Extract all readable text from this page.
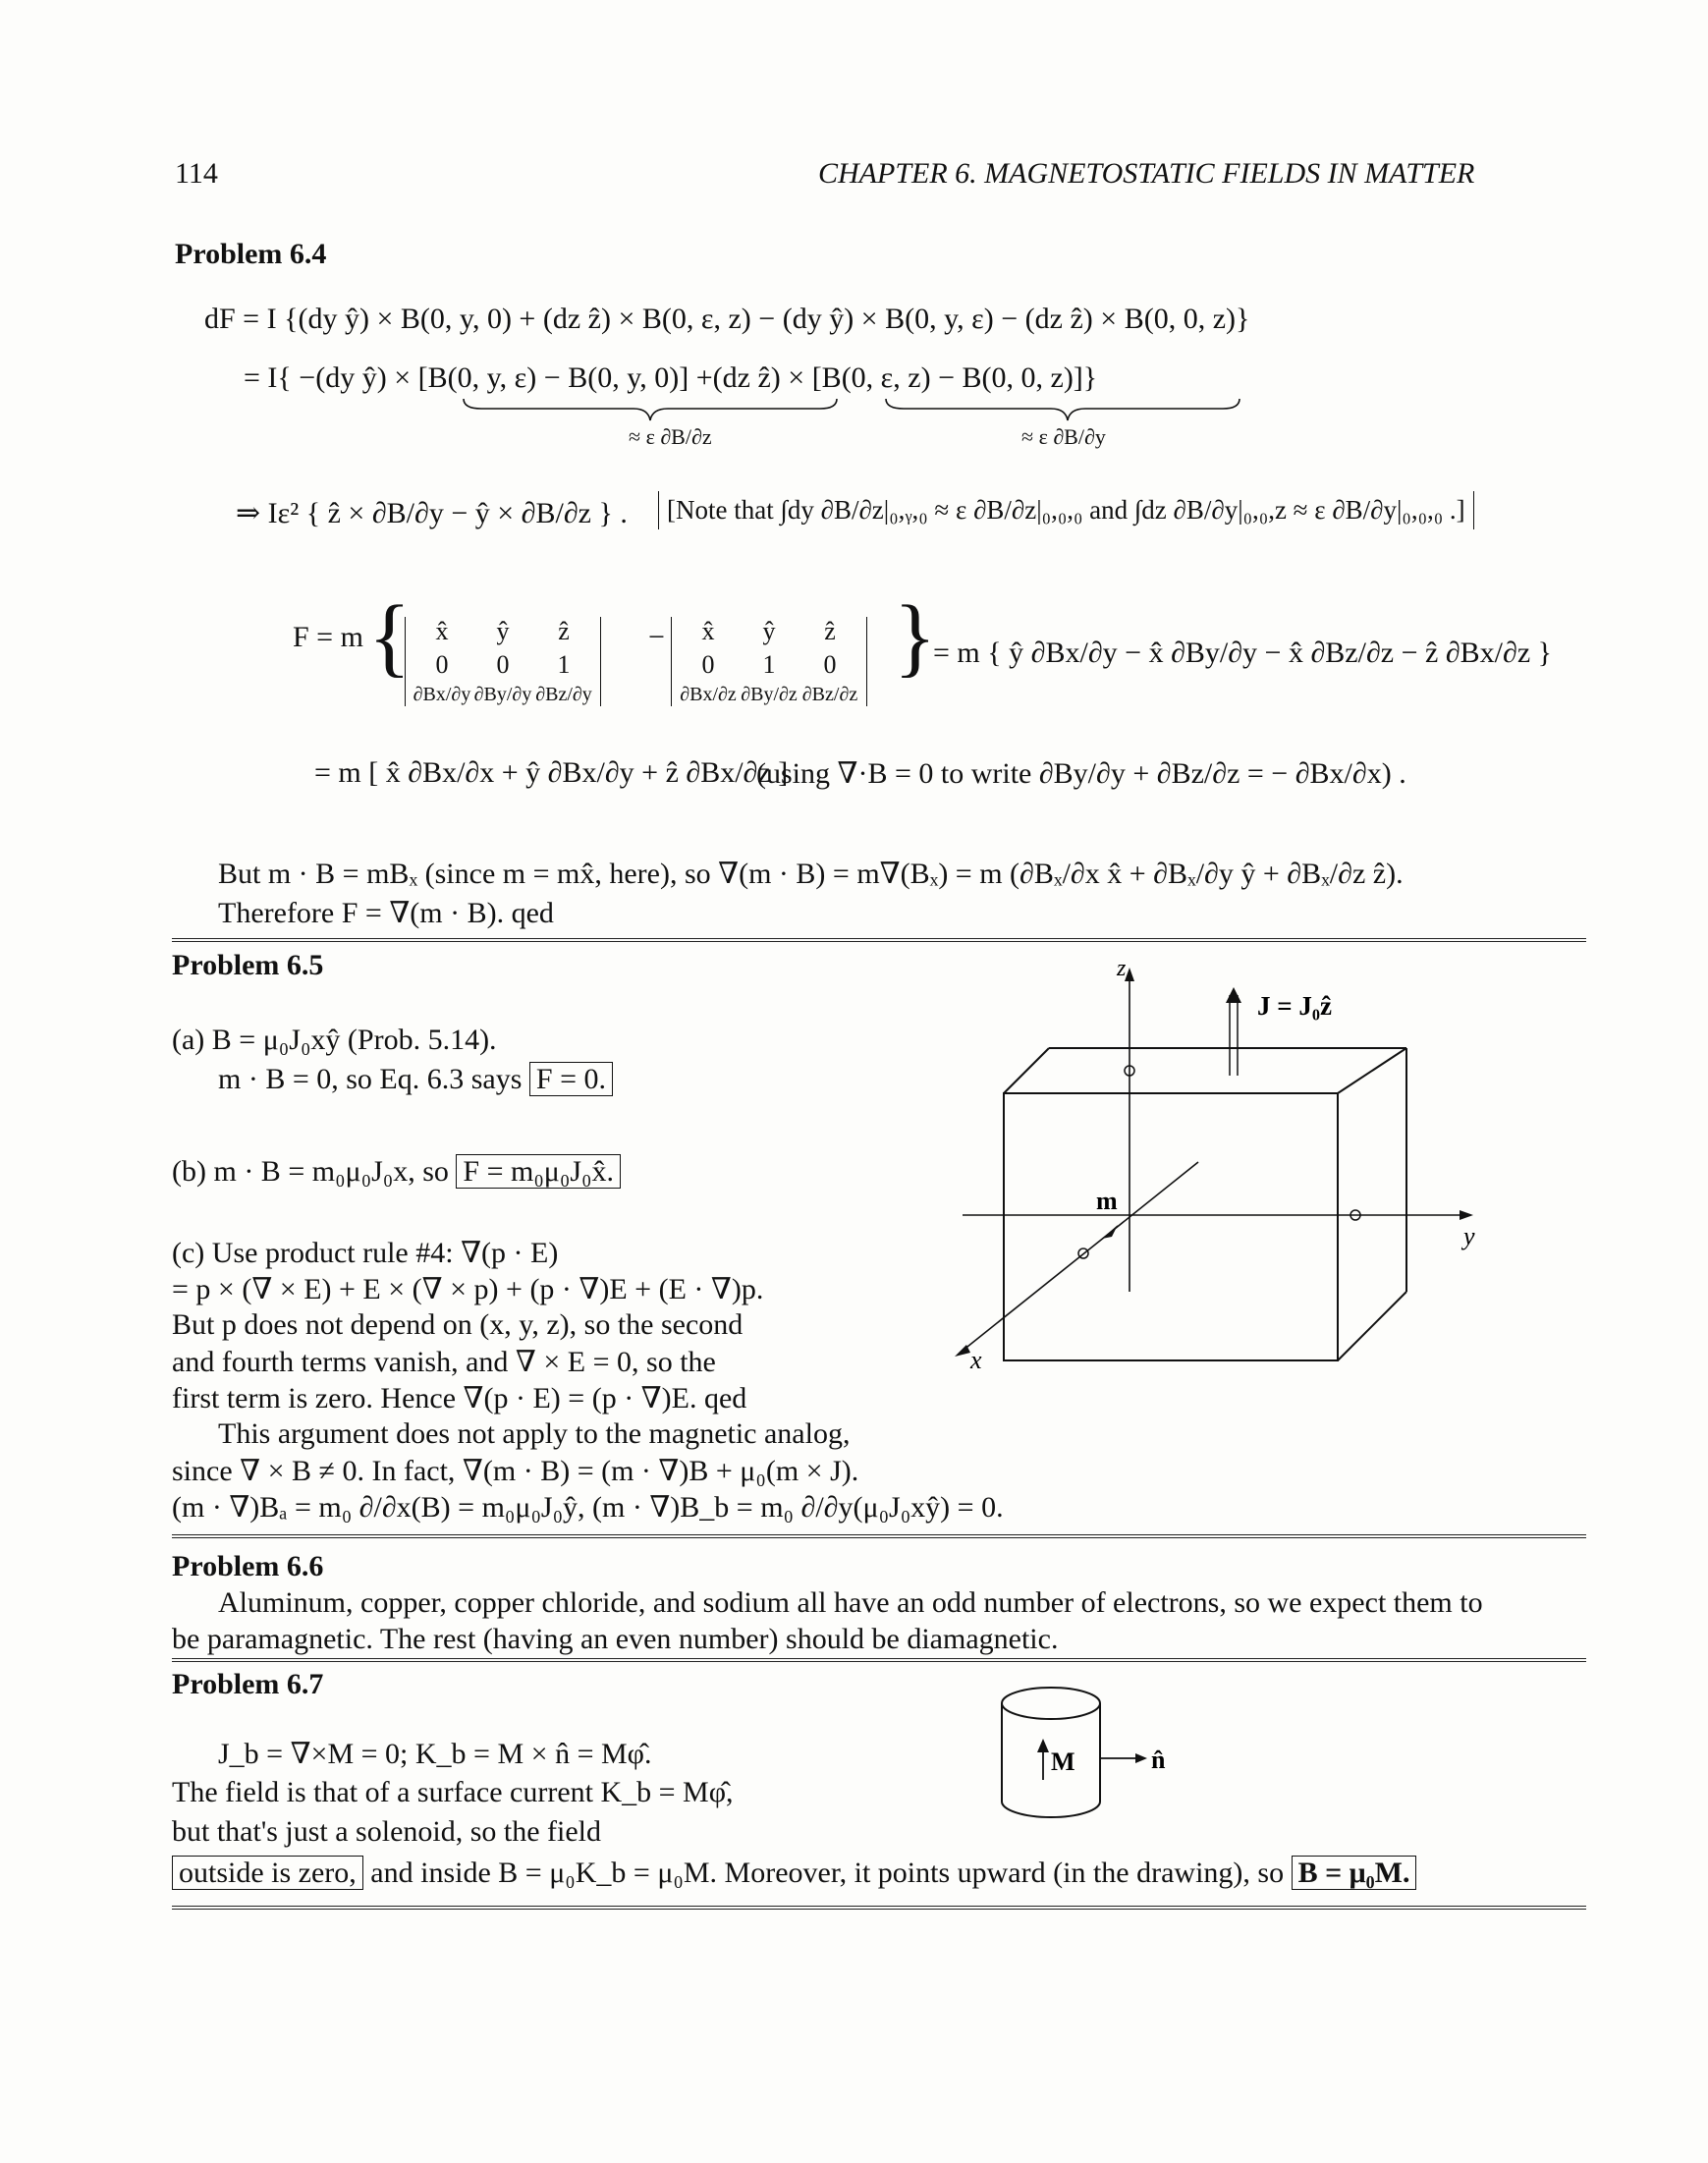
114	CHAPTER 6. MAGNETOSTATIC FIELDS IN MATTER
Problem 6.4
dF = I {(dy ŷ) × B(0, y, 0) + (dz ẑ) × B(0, ε, z) − (dy ŷ) × B(0, y, ε) − (dz ẑ) × B(0, 0, z)}
= I{ −(dy ŷ) × [B(0, y, ε) − B(0, y, 0)] +(dz ẑ) × [B(0, ε, z) − B(0, 0, z)]}
≈ ε ∂B/∂z	≈ ε ∂B/∂y
⇒ Iε² { ẑ × ∂B/∂y − ŷ × ∂B/∂z } .	[Note that ∫dy ∂B/∂z|₀,ᵧ,₀ ≈ ε ∂B/∂z|₀,₀,₀ and ∫dz ∂B/∂y|₀,₀,z ≈ ε ∂B/∂y|₀,₀,₀ .]
F = m { x̂	ŷ	ẑ
0	0	1
∂Bx/∂y ∂By/∂y ∂Bz/∂y
−	x̂	ŷ	ẑ
0	1	0
∂Bx/∂z ∂By/∂z ∂Bz/∂z
}
= m { ŷ ∂Bx/∂y − x̂ ∂By/∂y − x̂ ∂Bz/∂z − ẑ ∂Bx/∂z }
= m [ x̂ ∂Bx/∂x + ŷ ∂Bx/∂y + ẑ ∂Bx/∂z ]
(using ∇·B = 0 to write ∂By/∂y + ∂Bz/∂z = − ∂Bx/∂x) .
But m · B = mBₓ (since m = mx̂, here), so ∇(m · B) = m∇(Bₓ) = m (∂Bₓ/∂x x̂ + ∂Bₓ/∂y ŷ + ∂Bₓ/∂z ẑ).
Therefore F = ∇(m · B). qed
Problem 6.5
(a) B = μ₀J₀xŷ (Prob. 5.14).
m · B = 0, so Eq. 6.3 says F = 0.
(b) m · B = m₀μ₀J₀x, so F = m₀μ₀J₀x̂.
(c) Use product rule #4: ∇(p · E)
= p × (∇ × E) + E × (∇ × p) + (p · ∇)E + (E · ∇)p.
But p does not depend on (x, y, z), so the second
and fourth terms vanish, and ∇ × E = 0, so the
first term is zero. Hence ∇(p · E) = (p · ∇)E. qed
This argument does not apply to the magnetic analog,
since ∇ × B ≠ 0. In fact, ∇(m · B) = (m · ∇)B + μ₀(m × J).
(m · ∇)Bₐ = m₀ ∂/∂x(B) = m₀μ₀J₀ŷ, (m · ∇)B_b = m₀ ∂/∂y(μ₀J₀xŷ) = 0.
z
y
x
m
J = J₀ẑ
Problem 6.6
Aluminum, copper, copper chloride, and sodium all have an odd number of electrons, so we expect them to
be paramagnetic. The rest (having an even number) should be diamagnetic.
Problem 6.7
J_b = ∇×M = 0; K_b = M × n̂ = Mφ̂.
The field is that of a surface current K_b = Mφ̂,
but that's just a solenoid, so the field
outside is zero, and inside B = μ₀K_b = μ₀M. Moreover, it points upward (in the drawing), so B = μ₀M.
M	n̂
